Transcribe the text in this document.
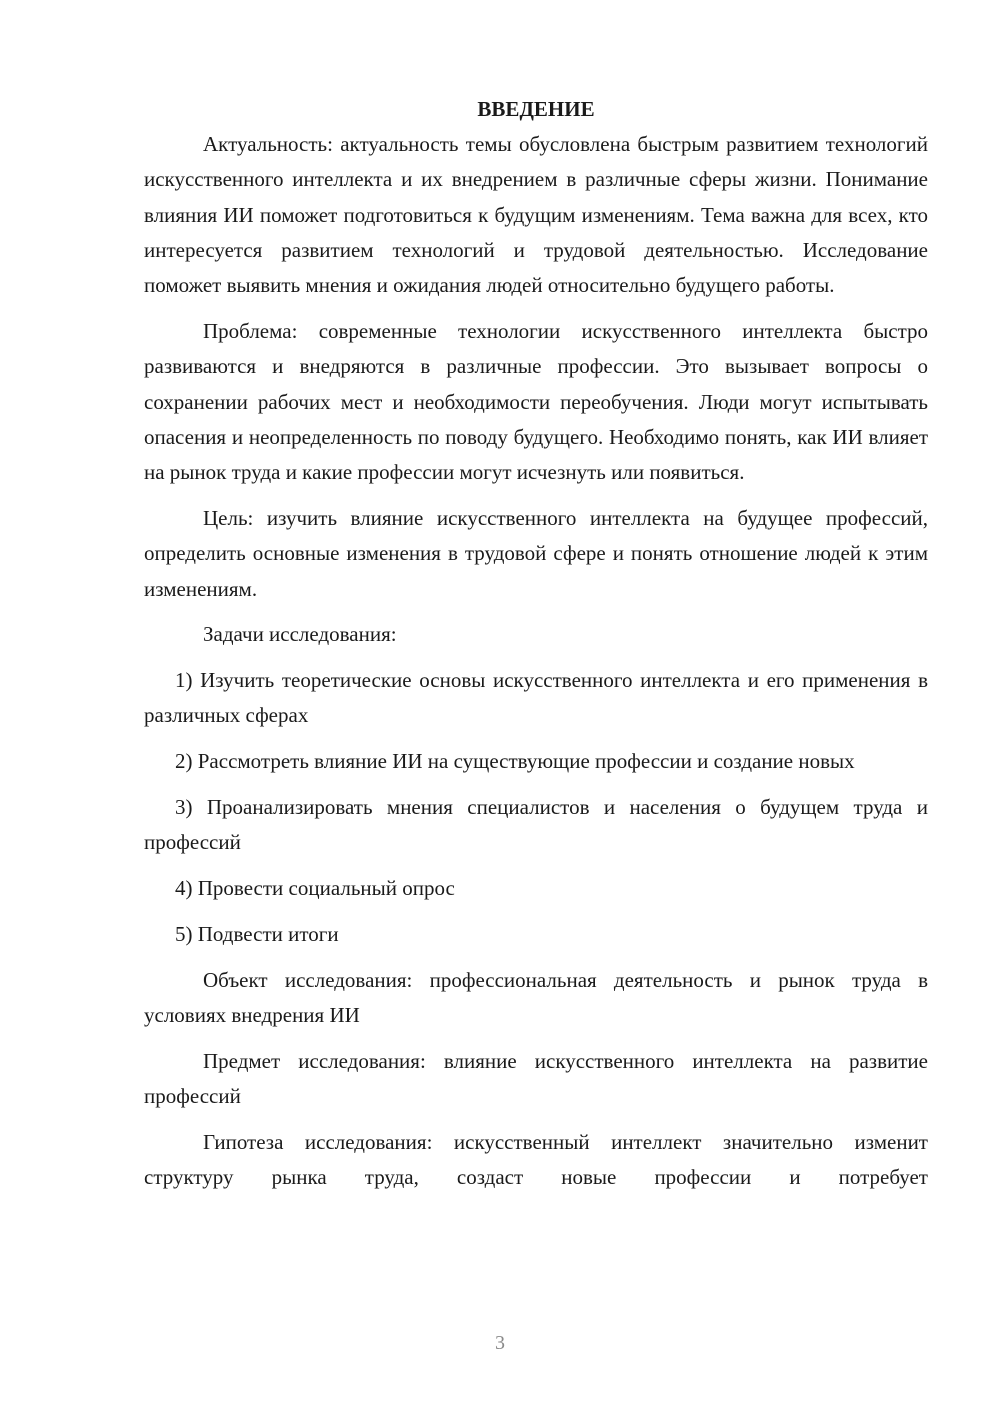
ВВЕДЕНИЕ

Актуальность: актуальность темы обусловлена быстрым развитием технологий искусственного интеллекта и их внедрением в различные сферы жизни. Понимание влияния ИИ поможет подготовиться к будущим изменениям. Тема важна для всех, кто интересуется развитием технологий и трудовой деятельностью. Исследование поможет выявить мнения и ожидания людей относительно будущего работы.

Проблема: современные технологии искусственного интеллекта быстро развиваются и внедряются в различные профессии. Это вызывает вопросы о сохранении рабочих мест и необходимости переобучения. Люди могут испытывать опасения и неопределенность по поводу будущего. Необходимо понять, как ИИ влияет на рынок труда и какие профессии могут исчезнуть или появиться.

Цель: изучить влияние искусственного интеллекта на будущее профессий, определить основные изменения в трудовой сфере и понять отношение людей к этим изменениям.

Задачи исследования:

1) Изучить теоретические основы искусственного интеллекта и его применения в различных сферах

2) Рассмотреть влияние ИИ на существующие профессии и создание новых

3) Проанализировать мнения специалистов и населения о будущем труда и профессий

4) Провести социальный опрос

5) Подвести итоги

Объект исследования: профессиональная деятельность и рынок труда в условиях внедрения ИИ

Предмет исследования: влияние искусственного интеллекта на развитие профессий

Гипотеза исследования: искусственный интеллект значительно изменит структуру рынка труда, создаст новые профессии и потребует

3
